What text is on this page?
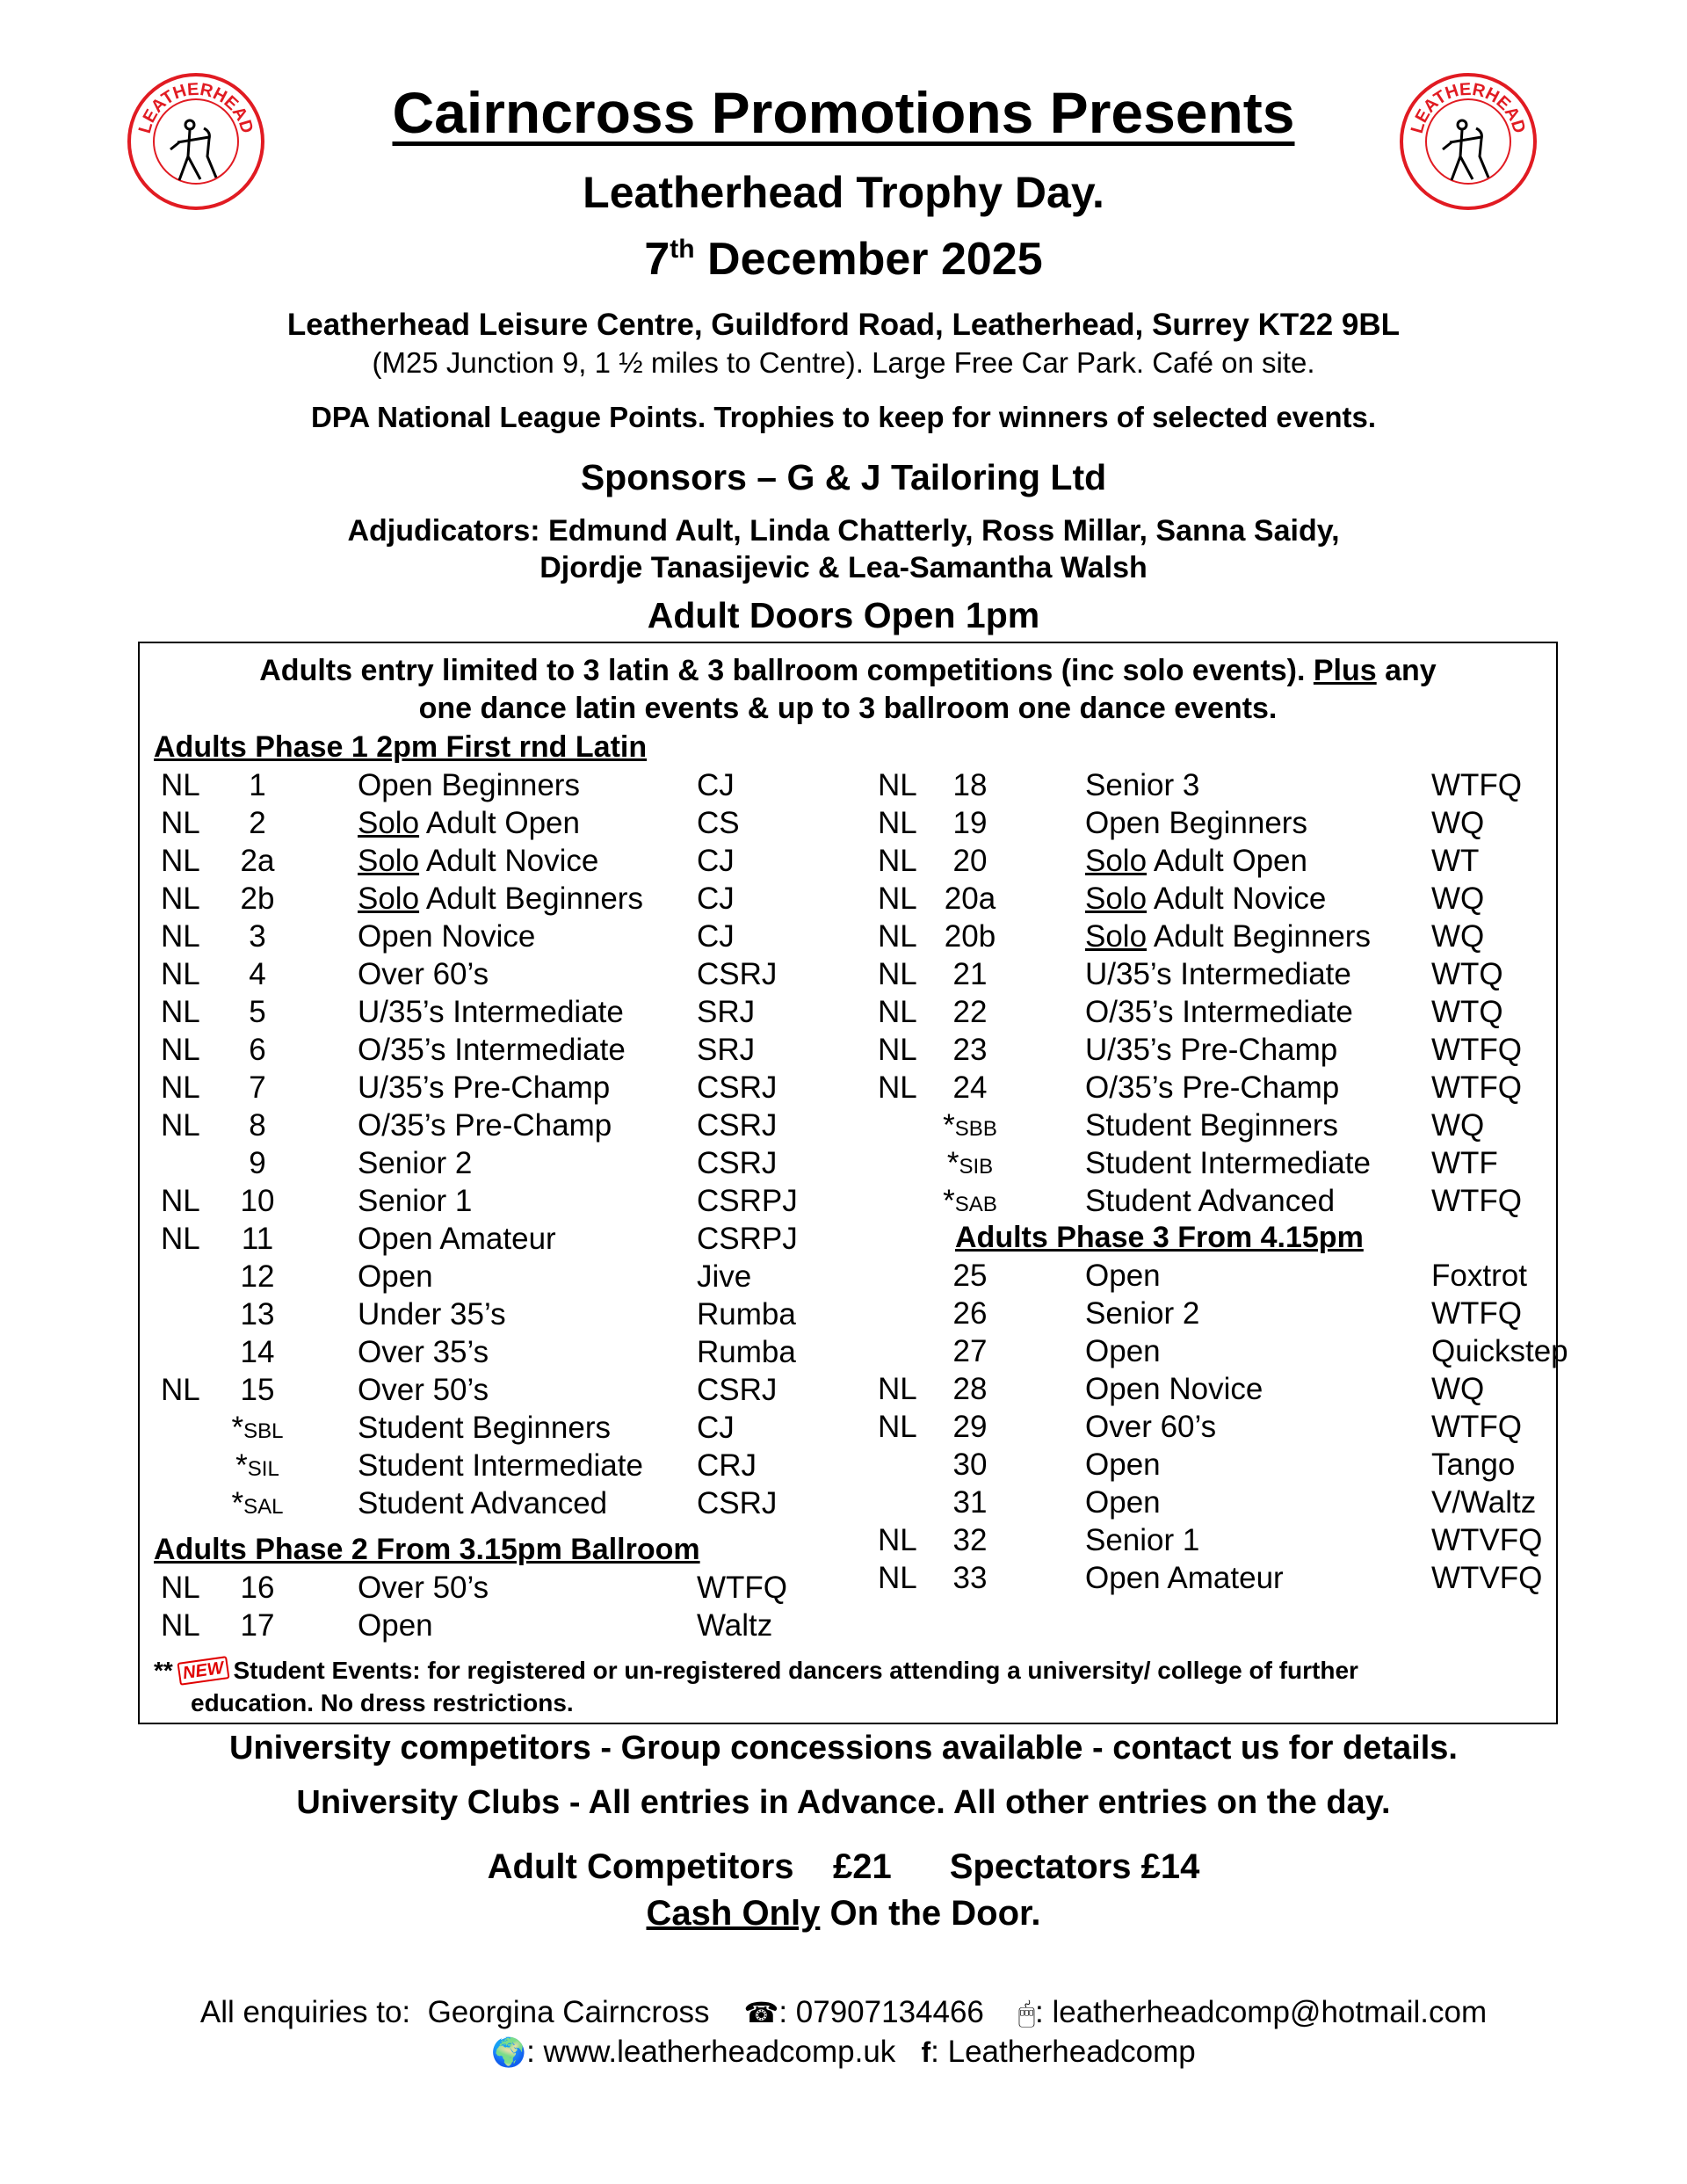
LEATHERHEAD	LEATHERHEAD
Cairncross Promotions Presents
Leatherhead Trophy Day.
7th December 2025
Leatherhead Leisure Centre, Guildford Road, Leatherhead, Surrey KT22 9BL
(M25 Junction 9, 1 ½ miles to Centre). Large Free Car Park. Café on site.
DPA National League Points. Trophies to keep for winners of selected events.
Sponsors – G & J Tailoring Ltd
Adjudicators: Edmund Ault, Linda Chatterly, Ross Millar, Sanna Saidy,
Djordje Tanasijevic & Lea-Samantha Walsh
Adult Doors Open 1pm
Adults entry limited to 3 latin & 3 ballroom competitions (inc solo events). Plus any
one dance latin events & up to 3 ballroom one dance events.
Adults Phase 1 2pm First rnd Latin
NL	1	Open Beginners	CJ
NL	2	Solo Adult Open	CS
NL	2a	Solo Adult Novice	CJ
NL	2b	Solo Adult Beginners CJ
NL	3	Open Novice	CJ
NL	4	Over 60’s	CSRJ
NL	5	U/35’s Intermediate SRJ
NL	6	O/35’s Intermediate SRJ
NL	7	U/35’s Pre-Champ	CSRJ
NL	8	O/35’s Pre-Champ	CSRJ
9	Senior 2	CSRJ
NL	10	Senior 1	CSRPJ
NL	11	Open Amateur	CSRPJ
12	Open	Jive
13	Under 35’s	Rumba
14	Over 35’s	Rumba
NL	15	Over 50’s	CSRJ
*SBL	Student Beginners	CJ
*SIL	Student Intermediate CRJ
*SAL	Student Advanced	CSRJ
Adults Phase 2 From 3.15pm Ballroom
NL	16	Over 50’s	WTFQ
NL	17	Open	Waltz
NL	18	Senior 3	WTFQ
NL	19	Open Beginners	WQ
NL	20	Solo Adult Open	WT
NL 20a	Solo Adult Novice	WQ
NL 20b	Solo Adult Beginners WQ
NL	21	U/35’s Intermediate	WTQ
NL	22	O/35’s Intermediate	WTQ
NL	23	U/35’s Pre-Champ	WTFQ
NL	24	O/35’s Pre-Champ	WTFQ
*SBB	Student Beginners	WQ
*SIB	Student Intermediate WTF
*SAB	Student Advanced	WTFQ
Adults Phase 3 From 4.15pm
25	Open	Foxtrot
26	Senior 2	WTFQ
27	Open	Quickstep
NL	28	Open Novice	WQ
NL	29	Over 60’s	WTFQ
30	Open	Tango
31	Open	V/Waltz
NL	32	Senior 1	WTVFQ
NL	33	Open Amateur	WTVFQ
** NEW Student Events: for registered or un-registered dancers attending a university/ college of further
education. No dress restrictions.
University competitors - Group concessions available - contact us for details.
University Clubs - All entries in Advance. All other entries on the day.
Adult Competitors    £21 Spectators £14
Cash Only On the Door.

All enquiries to:  Georgina Cairncross ☎: 07907134466 🖱: leatherheadcomp@hotmail.com

🌍: www.leatherheadcomp.uk f: Leatherheadcomp
